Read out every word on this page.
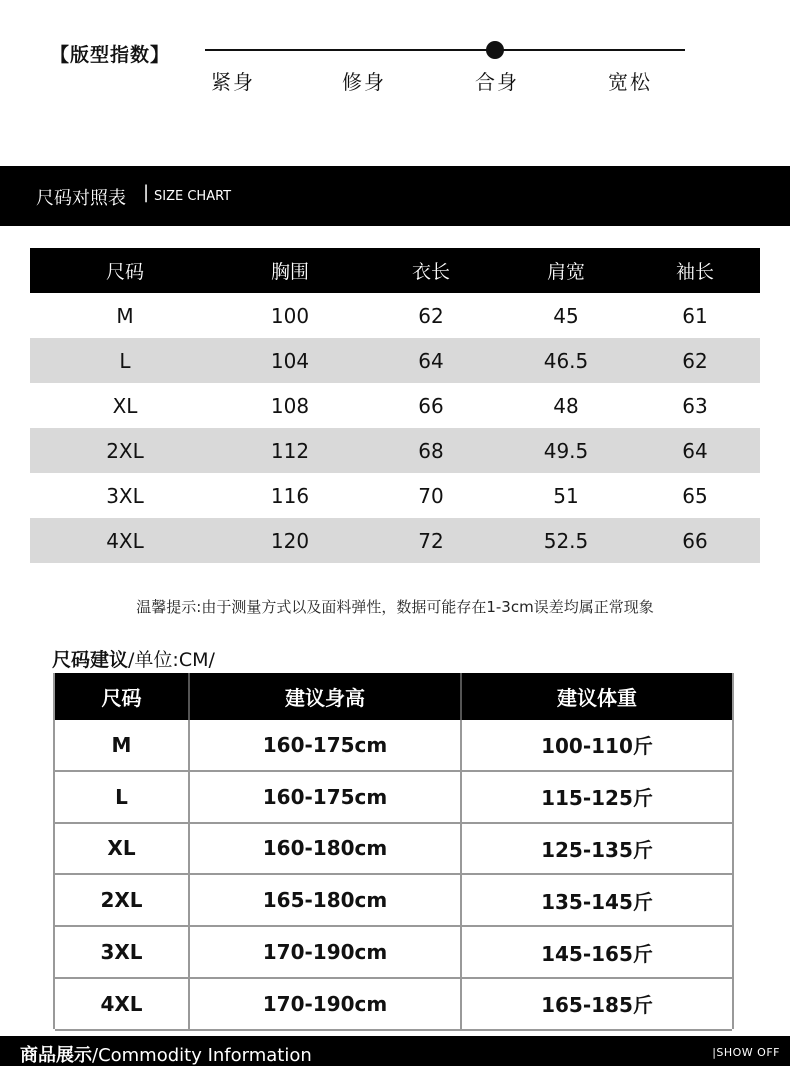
【版型指数】
紧身	修身	合身	宽松
尺码对照表 | SIZE CHART
尺码	胸围	衣长	肩宽	袖长
M	100	62	45	61
L	104	64	46.5	62
XL	108	66	48	63
2XL	112	68	49.5	64
3XL	116	70	51	65
4XL	120	72	52.5	66
温馨提示:由于测量方式以及面料弹性，数据可能存在1-3cm误差均属正常现象
尺码建议/单位:CM/
尺码	建议身高	建议体重
M	160-175cm	100-110斤
L	160-175cm	115-125斤
XL	160-180cm	125-135斤
2XL	165-180cm	135-145斤
3XL	170-190cm	145-165斤
4XL	170-190cm	165-185斤
商品展示/Commodity Information	|SHOW OFF
